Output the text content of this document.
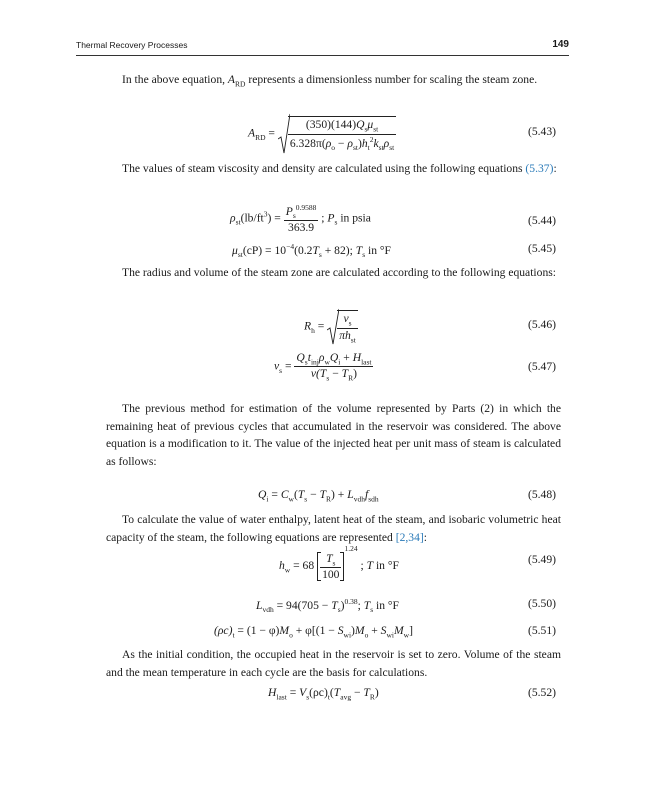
Thermal Recovery Processes	149

In the above equation, $A_{RD}$ represents a dimensionless number for scaling the steam zone.

$A_{RD} = \frac{(350)(144)Q_s\mu_{st}}{6.328\pi(\rho_o - \rho_{st})h_t^2k_{st}\rho_{st}}$	(5.43)

The values of steam viscosity and density are calculated using the following equations (5.37):

$\rho_{st}(lb/ft^3) = \frac{P_s^{0.9588}}{363.9}$ ; $P_s$ in psia	(5.44)
$\mu_{st}(cP) = 10^{-4}(0.2T_s + 82)$; $T_s$ in °F	(5.45)

The radius and volume of the steam zone are calculated according to the following equations:

$R_h = \frac{v_s}{\pi h_{st}}$	(5.46)
$v_s = \frac{Q_st_{inj}\rho_wQ_i + H_{last}}{\nu(T_s - T_R)}$	(5.47)

The previous method for estimation of the volume represented by Parts (2) in which the remaining heat of previous cycles that accumulated in the reservoir was considered. The above equation is a modification to it. The value of the injected heat per unit mass of steam is calculated as follows:

$Q_i = C_w(T_s - T_R) + L_{vdh}f_{sdh}$	(5.48)

To calculate the value of water enthalpy, latent heat of the steam, and isobaric volumetric heat capacity of the steam, the following equations are represented [2,34]:

$h_w = 68 \frac{T_s}{100}$
$^{1.24}$ ; T in °F	(5.49)
$L_{vdh} = 94(705 - T_s)^{0.38}$; $T_s$ in °F	(5.50)
$(\rho c)_t = (1 - \varphi)M_o + \varphi[(1 - S_{wi})M_o + S_{wi}M_w]$	(5.51)

As the initial condition, the occupied heat in the reservoir is set to zero. Volume of the steam and the mean temperature in each cycle are the basis for calculations.

$H_{last} = V_s(\rho c)_t(T_{avg} - T_R)$	(5.52)
